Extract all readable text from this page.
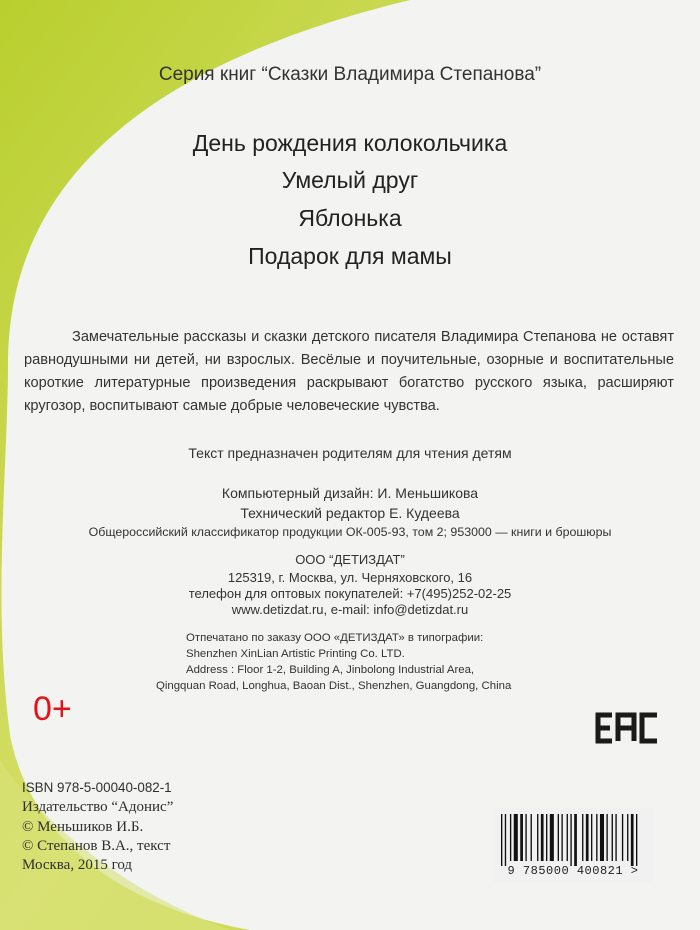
Серия книг “Сказки Владимира Степанова”

День рождения колокольчика

Умелый друг

Яблонька

Подарок для мамы

Замечательные рассказы и сказки детского писателя Владимира Степанова не оставят равнодушными ни детей, ни взрослых. Весёлые и поучительные, озорные и воспитательные короткие литературные произведения раскрывают богатство русского языка, расширяют кругозор, воспитывают самые добрые человеческие чувства.

Текст предназначен родителям для чтения детям

Компьютерный дизайн: И. Меньшикова

Технический редактор Е. Кудеева

Общероссийский классификатор продукции ОК-005-93, том 2; 953000 — книги и брошюры

ООО “ДЕТИЗДАТ”

125319, г. Москва, ул. Черняховского, 16

телефон для оптовых покупателей: +7(495)252-02-25

www.detizdat.ru, e-mail: info@detizdat.ru

Отпечатано по заказу ООО «ДЕТИЗДАТ» в типографии:

Shenzhen XinLian Artistic Printing Co. LTD.

Address : Floor 1-2, Building A, Jinbolong Industrial Area,

Qingquan Road, Longhua, Baoan Dist., Shenzhen, Guangdong, China

0+

ISBN 978-5-00040-082-1

Издательство “Адонис”

© Меньшиков И.Б.

© Степанов В.А., текст

Москва, 2015 год	9 785000 400821 >
